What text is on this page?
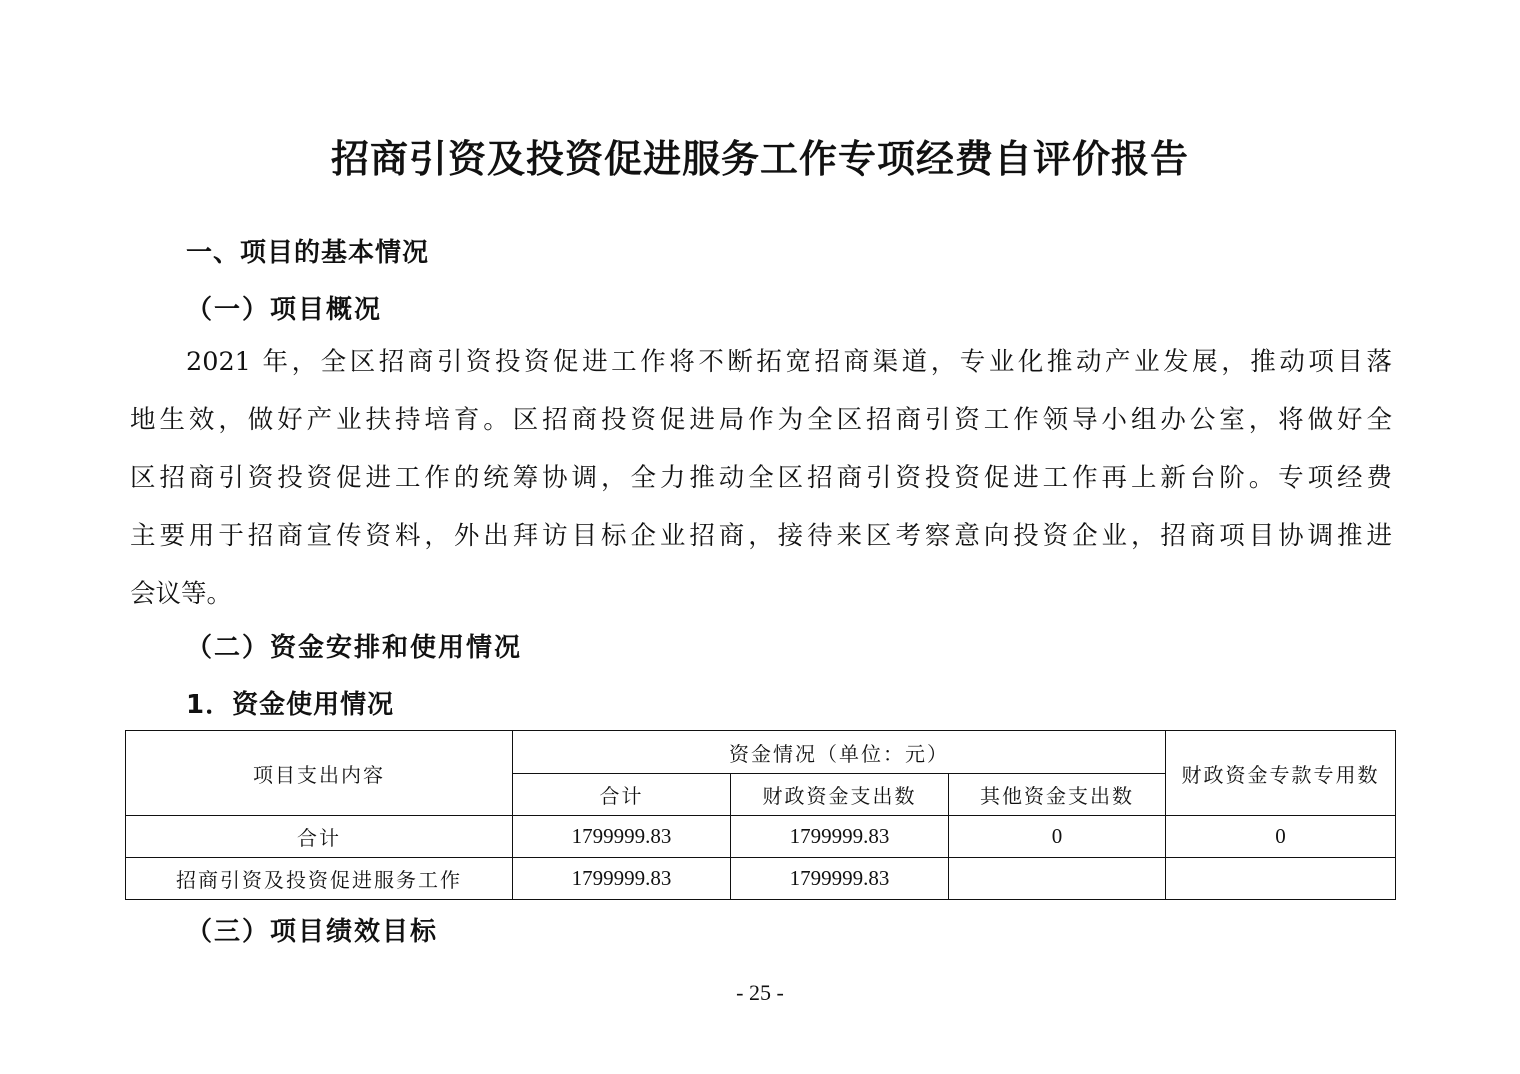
招商引资及投资促进服务工作专项经费自评价报告
一、项目的基本情况
（一）项目概况
2021 年，全区招商引资投资促进工作将不断拓宽招商渠道，专业化推动产业发展，推动项目落
地生效，做好产业扶持培育。区招商投资促进局作为全区招商引资工作领导小组办公室，将做好全
区招商引资投资促进工作的统筹协调，全力推动全区招商引资投资促进工作再上新台阶。专项经费
主要用于招商宣传资料，外出拜访目标企业招商，接待来区考察意向投资企业，招商项目协调推进
会议等。
（二）资金安排和使用情况
1．资金使用情况
项目支出内容	资金情况（单位：元）			财政资金专款专用数
	合计	财政资金支出数	其他资金支出数	
合计	1799999.83	1799999.83	0	0
招商引资及投资促进服务工作	1799999.83	1799999.83		
（三）项目绩效目标
- 25 -
